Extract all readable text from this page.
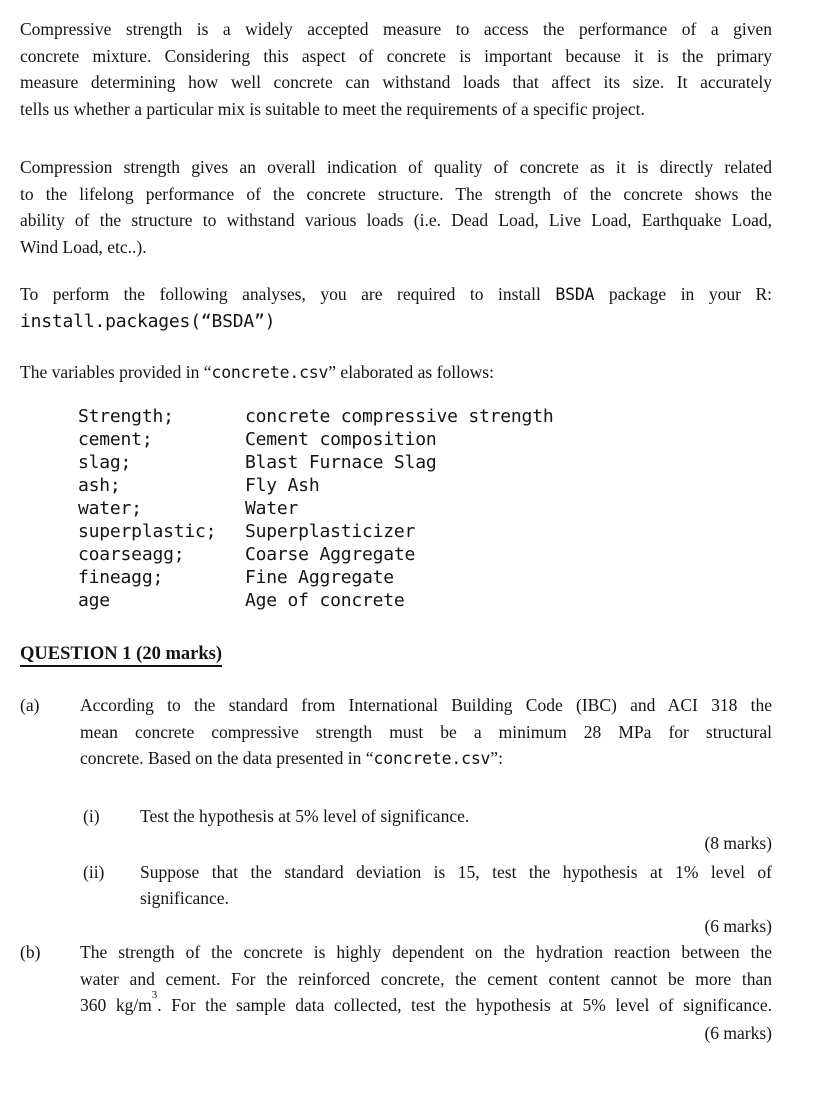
Compressive strength is a widely accepted measure to access the performance of a given
concrete mixture. Considering this aspect of concrete is important because it is the primary
measure determining how well concrete can withstand loads that affect its size. It accurately
tells us whether a particular mix is suitable to meet the requirements of a specific project.

Compression strength gives an overall indication of quality of concrete as it is directly related
to the lifelong performance of the concrete structure. The strength of the concrete shows the
ability of the structure to withstand various loads (i.e. Dead Load, Live Load, Earthquake Load,
Wind Load, etc..).

To perform the following analyses, you are required to install BSDA package in your R:
install.packages(“BSDA”)

The variables provided in “concrete.csv” elaborated as follows:

Strength;	concrete compressive strength
cement;	Cement composition
slag;	Blast Furnace Slag
ash;	Fly Ash
water;	Water
superplastic;	Superplasticizer
coarseagg;	Coarse Aggregate
fineagg;	Fine Aggregate
age	Age of concrete
QUESTION 1 (20 marks)
(a)	According to the standard from International Building Code (IBC) and ACI 318 the
mean concrete compressive strength must be a minimum 28 MPa for structural
concrete. Based on the data presented in “concrete.csv”:
(i)	Test the hypothesis at 5% level of significance.
(8 marks)
(ii)	Suppose that the standard deviation is 15, test the hypothesis at 1% level of
significance.
(6 marks)
(b)	The strength of the concrete is highly dependent on the hydration reaction between the
water and cement. For the reinforced concrete, the cement content cannot be more than
360 $kg/m^3$. For the sample data collected, test the hypothesis at 5% level of significance.
(6 marks)
